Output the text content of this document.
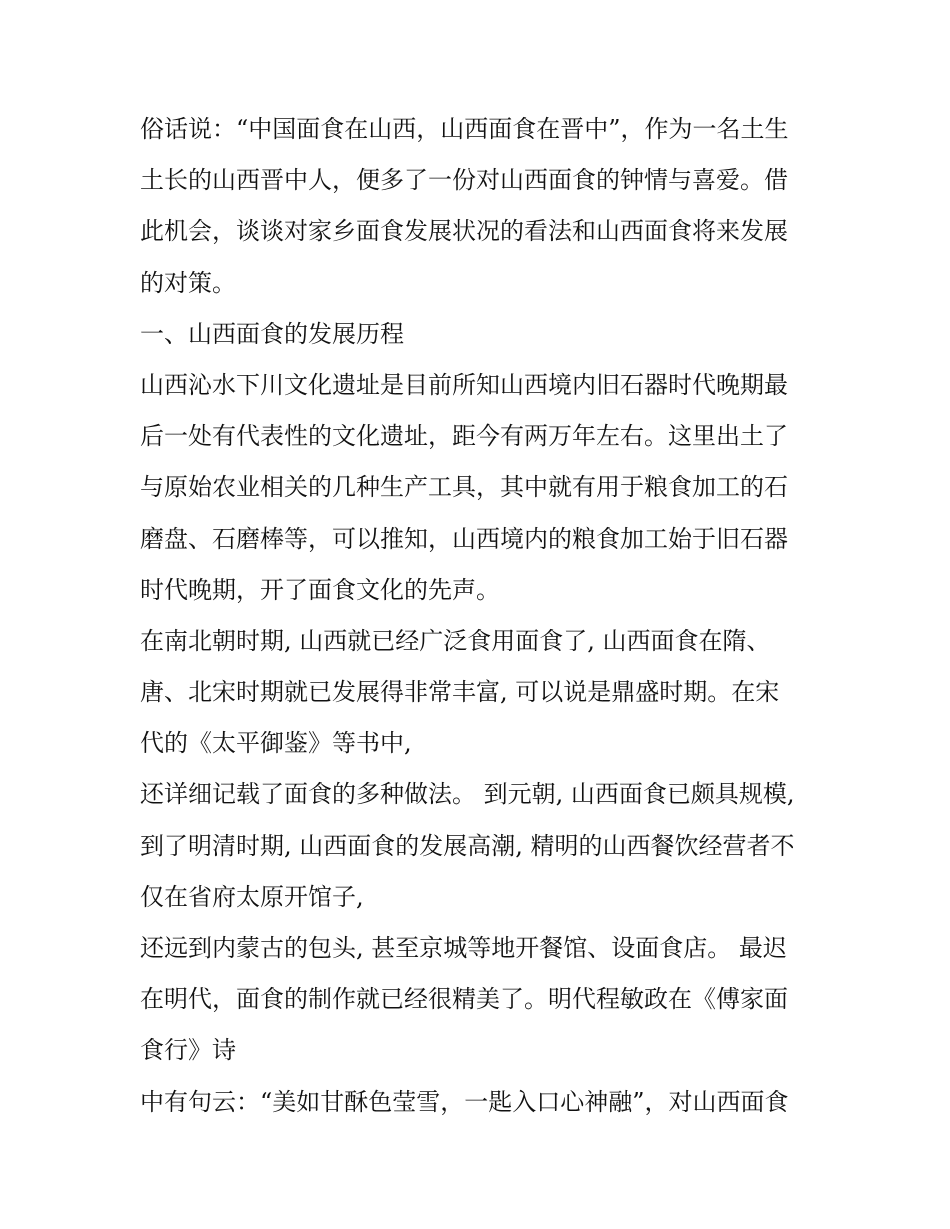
俗话说：“中国面食在山西，山西面食在晋中”，作为一名土生
土长的山西晋中人，便多了一份对山西面食的钟情与喜爱。借
此机会，谈谈对家乡面食发展状况的看法和山西面食将来发展
的对策。
一、山西面食的发展历程
山西沁水下川文化遗址是目前所知山西境内旧石器时代晚期最
后一处有代表性的文化遗址，距今有两万年左右。这里出土了
与原始农业相关的几种生产工具，其中就有用于粮食加工的石
磨盘、石磨棒等，可以推知，山西境内的粮食加工始于旧石器
时代晚期，开了面食文化的先声。
在南北朝时期, 山西就已经广泛食用面食了, 山西面食在隋、
唐、北宋时期就已发展得非常丰富, 可以说是鼎盛时期。在宋
代的《太平御鉴》等书中,
还详细记载了面食的多种做法。 到元朝, 山西面食已颇具规模,
到了明清时期, 山西面食的发展高潮, 精明的山西餐饮经营者不
仅在省府太原开馆子,
还远到内蒙古的包头, 甚至京城等地开餐馆、设面食店。 最迟
在明代，面食的制作就已经很精美了。明代程敏政在《傅家面
食行》诗
中有句云：“美如甘酥色莹雪，一匙入口心神融”，对山西面食
